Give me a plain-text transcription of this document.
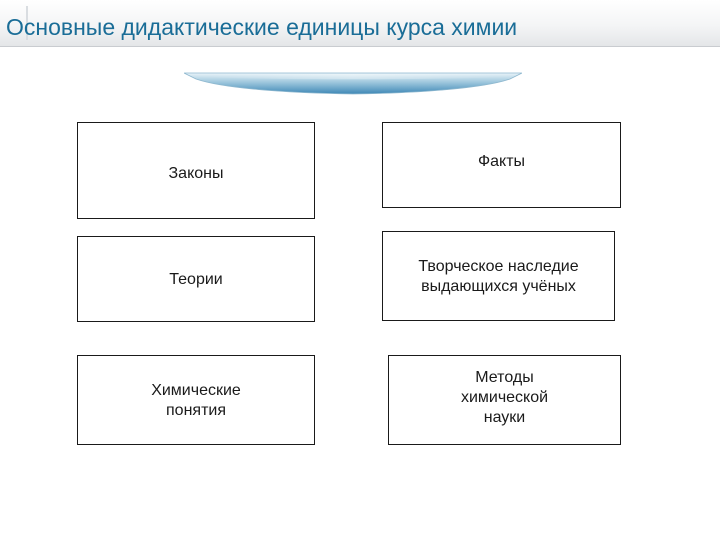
Основные дидактические единицы курса химии
Законы
Факты
Теории
Творческое наследие
выдающихся учёных
Химические
понятия
Методы
химической
науки
